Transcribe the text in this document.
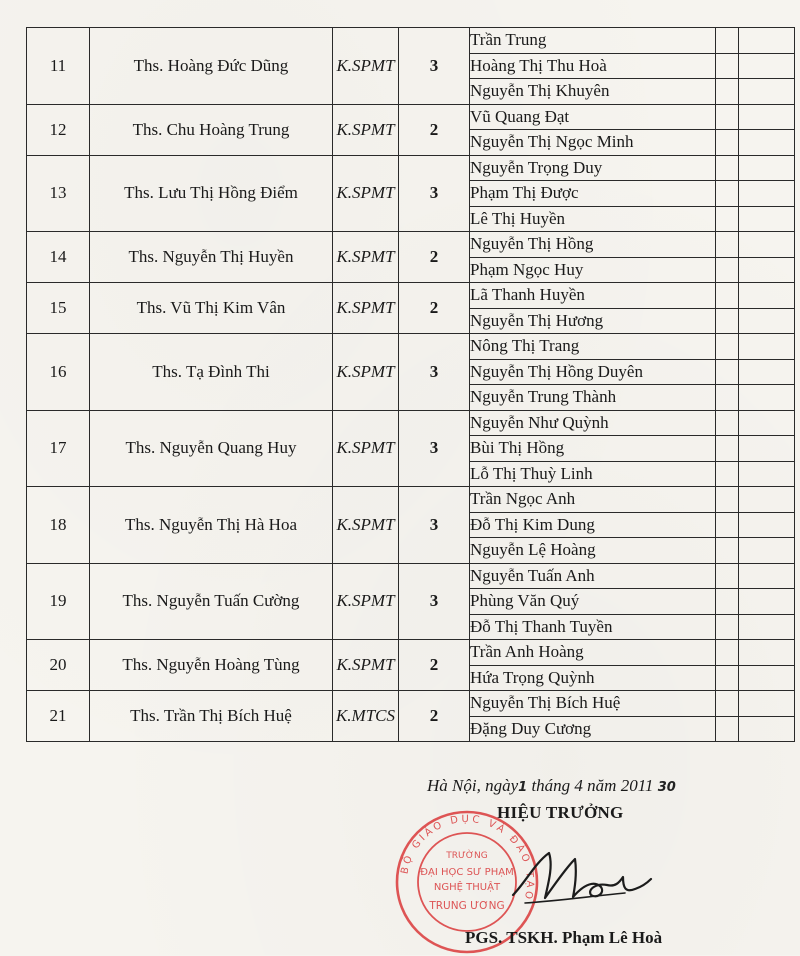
11	Ths. Hoàng Đức Dũng	K.SPMT	3	Trần Trung		
				Hoàng Thị Thu Hoà		
				Nguyễn Thị Khuyên		
12	Ths. Chu Hoàng Trung	K.SPMT	2	Vũ Quang Đạt		
				Nguyễn Thị Ngọc Minh		
13	Ths. Lưu Thị Hồng Điểm	K.SPMT	3	Nguyễn Trọng Duy		
				Phạm Thị Được		
				Lê Thị Huyền		
14	Ths. Nguyễn Thị Huyền	K.SPMT	2	Nguyễn Thị Hồng		
				Phạm Ngọc Huy		
15	Ths. Vũ Thị Kim Vân	K.SPMT	2	Lã Thanh Huyền		
				Nguyễn Thị Hương		
16	Ths. Tạ Đình Thi	K.SPMT	3	Nông Thị Trang		
				Nguyễn Thị Hồng Duyên		
				Nguyễn Trung Thành		
17	Ths. Nguyễn Quang Huy	K.SPMT	3	Nguyễn Như Quỳnh		
				Bùi Thị Hồng		
				Lỗ Thị Thuỳ Linh		
18	Ths. Nguyễn Thị Hà Hoa	K.SPMT	3	Trần Ngọc Anh		
				Đỗ Thị Kim Dung		
				Nguyễn Lệ Hoàng		
19	Ths. Nguyễn Tuấn Cường	K.SPMT	3	Nguyễn Tuấn Anh		
				Phùng Văn Quý		
				Đỗ Thị Thanh Tuyền		
20	Ths. Nguyễn Hoàng Tùng	K.SPMT	2	Trần Anh Hoàng		
				Hứa Trọng Quỳnh		
21	Ths. Trần Thị Bích Huệ	K.MTCS	2	Nguyễn Thị Bích Huệ		
				Đặng Duy Cương		
Hà Nội, ngày1 tháng 4 năm 2011 30
HIỆU TRƯỞNG
BỘ GIÁO DỤC VÀ ĐÀO TẠO
TRƯỜNG
ĐẠI HỌC SƯ PHẠM
NGHỆ THUẬT
TRUNG ƯƠNG
PGS. TSKH. Phạm Lê Hoà
